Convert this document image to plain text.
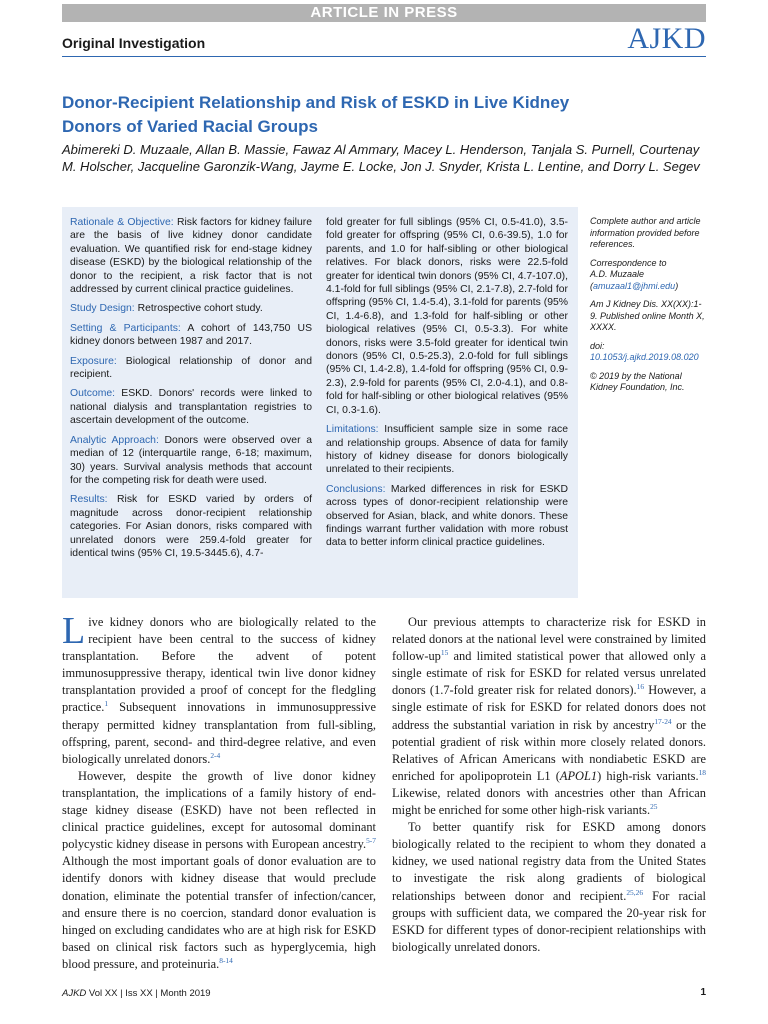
ARTICLE IN PRESS
Original Investigation	AJKD
Donor-Recipient Relationship and Risk of ESKD in Live Kidney Donors of Varied Racial Groups
Abimereki D. Muzaale, Allan B. Massie, Fawaz Al Ammary, Macey L. Henderson, Tanjala S. Purnell, Courtenay M. Holscher, Jacqueline Garonzik-Wang, Jayme E. Locke, Jon J. Snyder, Krista L. Lentine, and Dorry L. Segev

Rationale & Objective: Risk factors for kidney failure are the basis of live kidney donor candidate evaluation. We quantified risk for end-stage kidney disease (ESKD) by the biological relationship of the donor to the recipient, a risk factor that is not addressed by current clinical practice guidelines.

Study Design: Retrospective cohort study.

Setting & Participants: A cohort of 143,750 US kidney donors between 1987 and 2017.

Exposure: Biological relationship of donor and recipient.

Outcome: ESKD. Donors' records were linked to national dialysis and transplantation registries to ascertain development of the outcome.

Analytic Approach: Donors were observed over a median of 12 (interquartile range, 6-18; maximum, 30) years. Survival analysis methods that account for the competing risk for death were used.

Results: Risk for ESKD varied by orders of magnitude across donor-recipient relationship categories. For Asian donors, risks compared with unrelated donors were 259.4-fold greater for identical twins (95% CI, 19.5-3445.6), 4.7-

fold greater for full siblings (95% CI, 0.5-41.0), 3.5-fold greater for offspring (95% CI, 0.6-39.5), 1.0 for parents, and 1.0 for half-sibling or other biological relatives. For black donors, risks were 22.5-fold greater for identical twin donors (95% CI, 4.7-107.0), 4.1-fold for full siblings (95% CI, 2.1-7.8), 2.7-fold for offspring (95% CI, 1.4-5.4), 3.1-fold for parents (95% CI, 1.4-6.8), and 1.3-fold for half-sibling or other biological relatives (95% CI, 0.5-3.3). For white donors, risks were 3.5-fold greater for identical twin donors (95% CI, 0.5-25.3), 2.0-fold for full siblings (95% CI, 1.4-2.8), 1.4-fold for offspring (95% CI, 0.9-2.3), 2.9-fold for parents (95% CI, 2.0-4.1), and 0.8-fold for half-sibling or other biological relatives (95% CI, 0.3-1.6).

Limitations: Insufficient sample size in some race and relationship groups. Absence of data for family history of kidney disease for donors biologically unrelated to their recipients.

Conclusions: Marked differences in risk for ESKD across types of donor-recipient relationship were observed for Asian, black, and white donors. These findings warrant further validation with more robust data to better inform clinical practice guidelines.

Complete author and article information provided before references.

Correspondence to
A.D. Muzaale (amuzaal1@jhmi.edu)

Am J Kidney Dis. XX(XX):1-9. Published online Month X, XXXX.

doi: 10.1053/j.ajkd.2019.08.020

© 2019 by the National Kidney Foundation, Inc.

Live kidney donors who are biologically related to the recipient have been central to the success of kidney transplantation. Before the advent of potent immunosuppressive therapy, identical twin live donor kidney transplantation provided a proof of concept for the fledgling practice.$^1$ Subsequent innovations in immunosuppressive therapy permitted kidney transplantation from full-sibling, offspring, parent, second- and third-degree relative, and even biologically unrelated donors.$^{2-4}$

However, despite the growth of live donor kidney transplantation, the implications of a family history of end-stage kidney disease (ESKD) have not been reflected in clinical practice guidelines, except for autosomal dominant polycystic kidney disease in persons with European ancestry.$^{5-7}$ Although the most important goals of donor evaluation are to identify donors with kidney disease that would preclude donation, eliminate the potential transfer of infection/cancer, and ensure there is no coercion, standard donor evaluation is hinged on excluding candidates who are at high risk for ESKD based on clinical risk factors such as hyperglycemia, high blood pressure, and proteinuria.$^{8-14}$

Our previous attempts to characterize risk for ESKD in related donors at the national level were constrained by limited follow-up$^{15}$ and limited statistical power that allowed only a single estimate of risk for ESKD for related versus unrelated donors (1.7-fold greater risk for related donors).$^{16}$ However, a single estimate of risk for ESKD for related donors does not address the substantial variation in risk by ancestry$^{17-24}$ or the potential gradient of risk within more closely related donors. Relatives of African Americans with nondiabetic ESKD are enriched for apolipoprotein L1 (APOL1) high-risk variants.$^{18}$ Likewise, related donors with ancestries other than African might be enriched for some other high-risk variants.$^{25}$

To better quantify risk for ESKD among donors biologically related to the recipient to whom they donated a kidney, we used national registry data from the United States to investigate the risk along gradients of biological relationships between donor and recipient.$^{25,26}$ For racial groups with sufficient data, we compared the 20-year risk for ESKD for different types of donor-recipient relationships with biologically unrelated donors.

AJKD Vol XX | Iss XX | Month 2019	1
